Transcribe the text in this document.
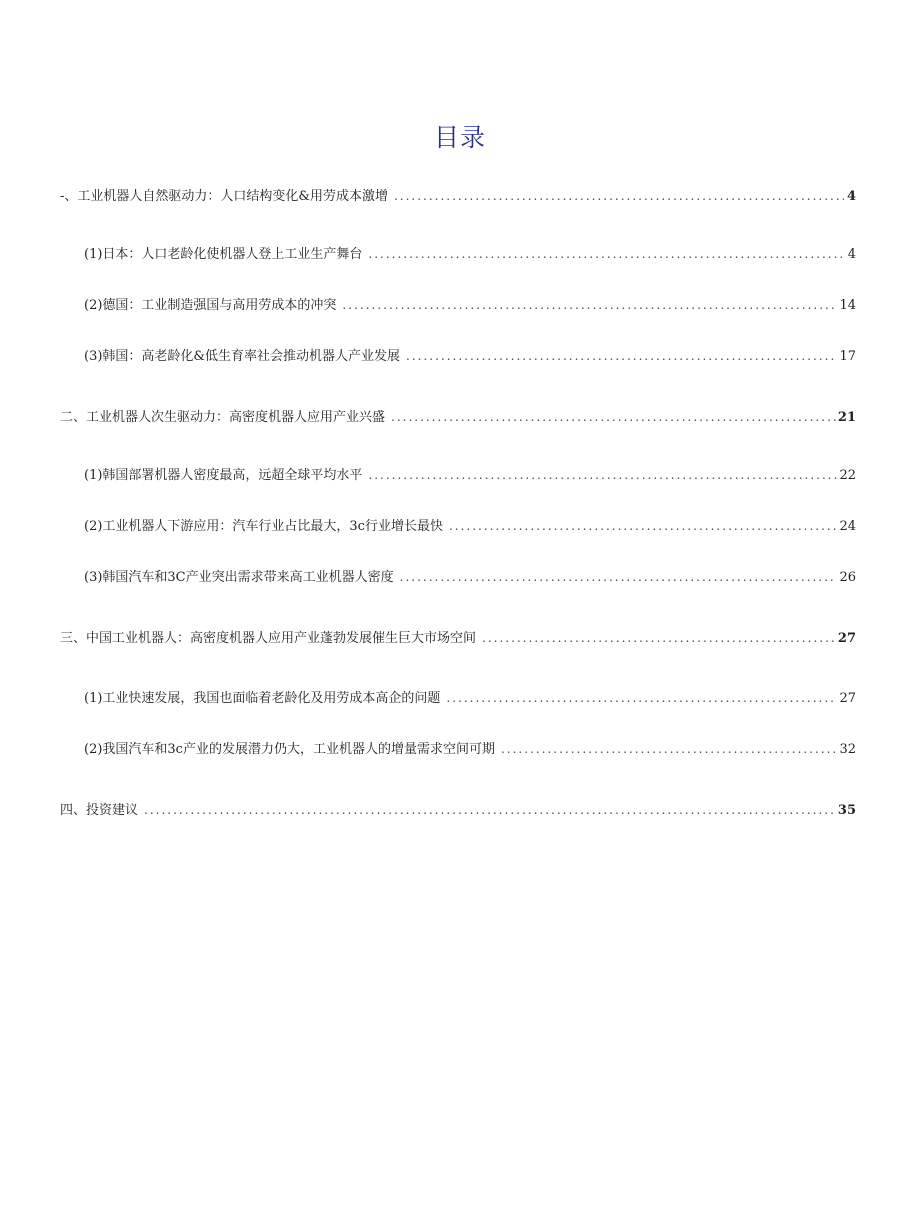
目录
-、工业机器人自然驱动力：人口结构变化&用劳成本激增 .....	4
(1)日本：人口老龄化使机器人登上工业生产舞台 .....	4
(2)德国：工业制造强国与高用劳成本的冲突 .....	14
(3)韩国：高老龄化&低生育率社会推动机器人产业发展 .....	17
二、工业机器人次生驱动力：高密度机器人应用产业兴盛 .....	21
(1)韩国部署机器人密度最高，远超全球平均水平 .....	22
(2)工业机器人下游应用：汽车行业占比最大，3c行业增长最快 .....	24
(3)韩国汽车和3C产业突出需求带来高工业机器人密度 .....	26
三、中国工业机器人：高密度机器人应用产业蓬勃发展催生巨大市场空间 .....	27
(1)工业快速发展，我国也面临着老龄化及用劳成本高企的问题 .....	27
(2)我国汽车和3c产业的发展潜力仍大，工业机器人的增量需求空间可期 .....	32
四、投资建议 .....	35
